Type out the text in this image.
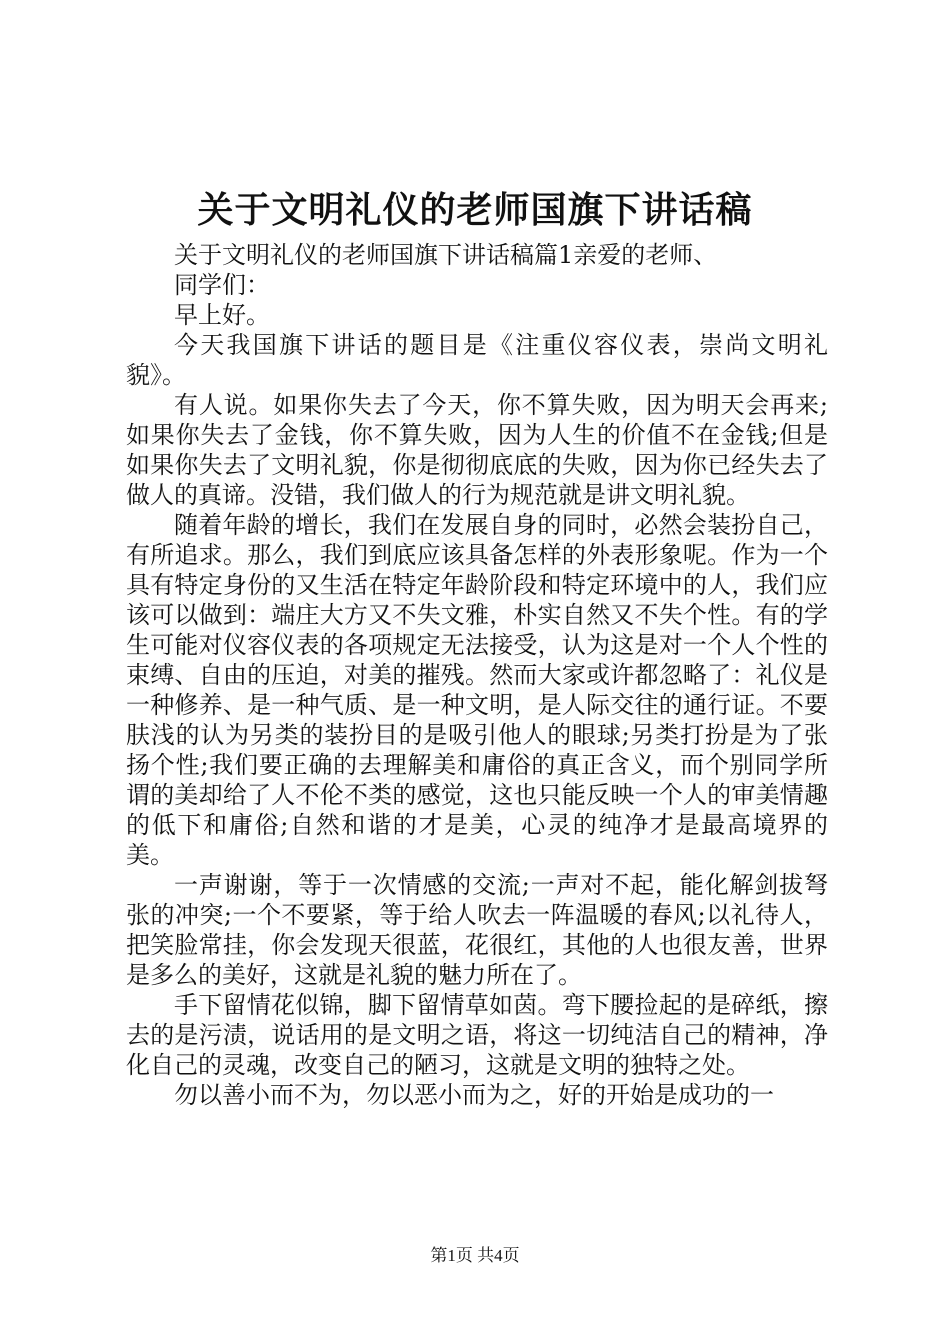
关于文明礼仪的老师国旗下讲话稿

关于文明礼仪的老师国旗下讲话稿篇1亲爱的老师、

同学们：

早上好。

今天我国旗下讲话的题目是《注重仪容仪表，崇尚文明礼貌》。

有人说。如果你失去了今天，你不算失败，因为明天会再来;如果你失去了金钱，你不算失败，因为人生的价值不在金钱;但是如果你失去了文明礼貌，你是彻彻底底的失败，因为你已经失去了做人的真谛。没错，我们做人的行为规范就是讲文明礼貌。

随着年龄的增长，我们在发展自身的同时，必然会装扮自己，有所追求。那么，我们到底应该具备怎样的外表形象呢。作为一个具有特定身份的又生活在特定年龄阶段和特定环境中的人，我们应该可以做到：端庄大方又不失文雅，朴实自然又不失个性。有的学生可能对仪容仪表的各项规定无法接受，认为这是对一个人个性的束缚、自由的压迫，对美的摧残。然而大家或许都忽略了：礼仪是一种修养、是一种气质、是一种文明，是人际交往的通行证。不要肤浅的认为另类的装扮目的是吸引他人的眼球;另类打扮是为了张扬个性;我们要正确的去理解美和庸俗的真正含义，而个别同学所谓的美却给了人不伦不类的感觉，这也只能反映一个人的审美情趣的低下和庸俗;自然和谐的才是美，心灵的纯净才是最高境界的美。

一声谢谢，等于一次情感的交流;一声对不起，能化解剑拔弩张的冲突;一个不要紧，等于给人吹去一阵温暖的春风;以礼待人，把笑脸常挂，你会发现天很蓝，花很红，其他的人也很友善，世界是多么的美好，这就是礼貌的魅力所在了。

手下留情花似锦，脚下留情草如茵。弯下腰捡起的是碎纸，擦去的是污渍，说话用的是文明之语，将这一切纯洁自己的精神，净化自己的灵魂，改变自己的陋习，这就是文明的独特之处。

勿以善小而不为，勿以恶小而为之，好的开始是成功的一

第1页 共4页
